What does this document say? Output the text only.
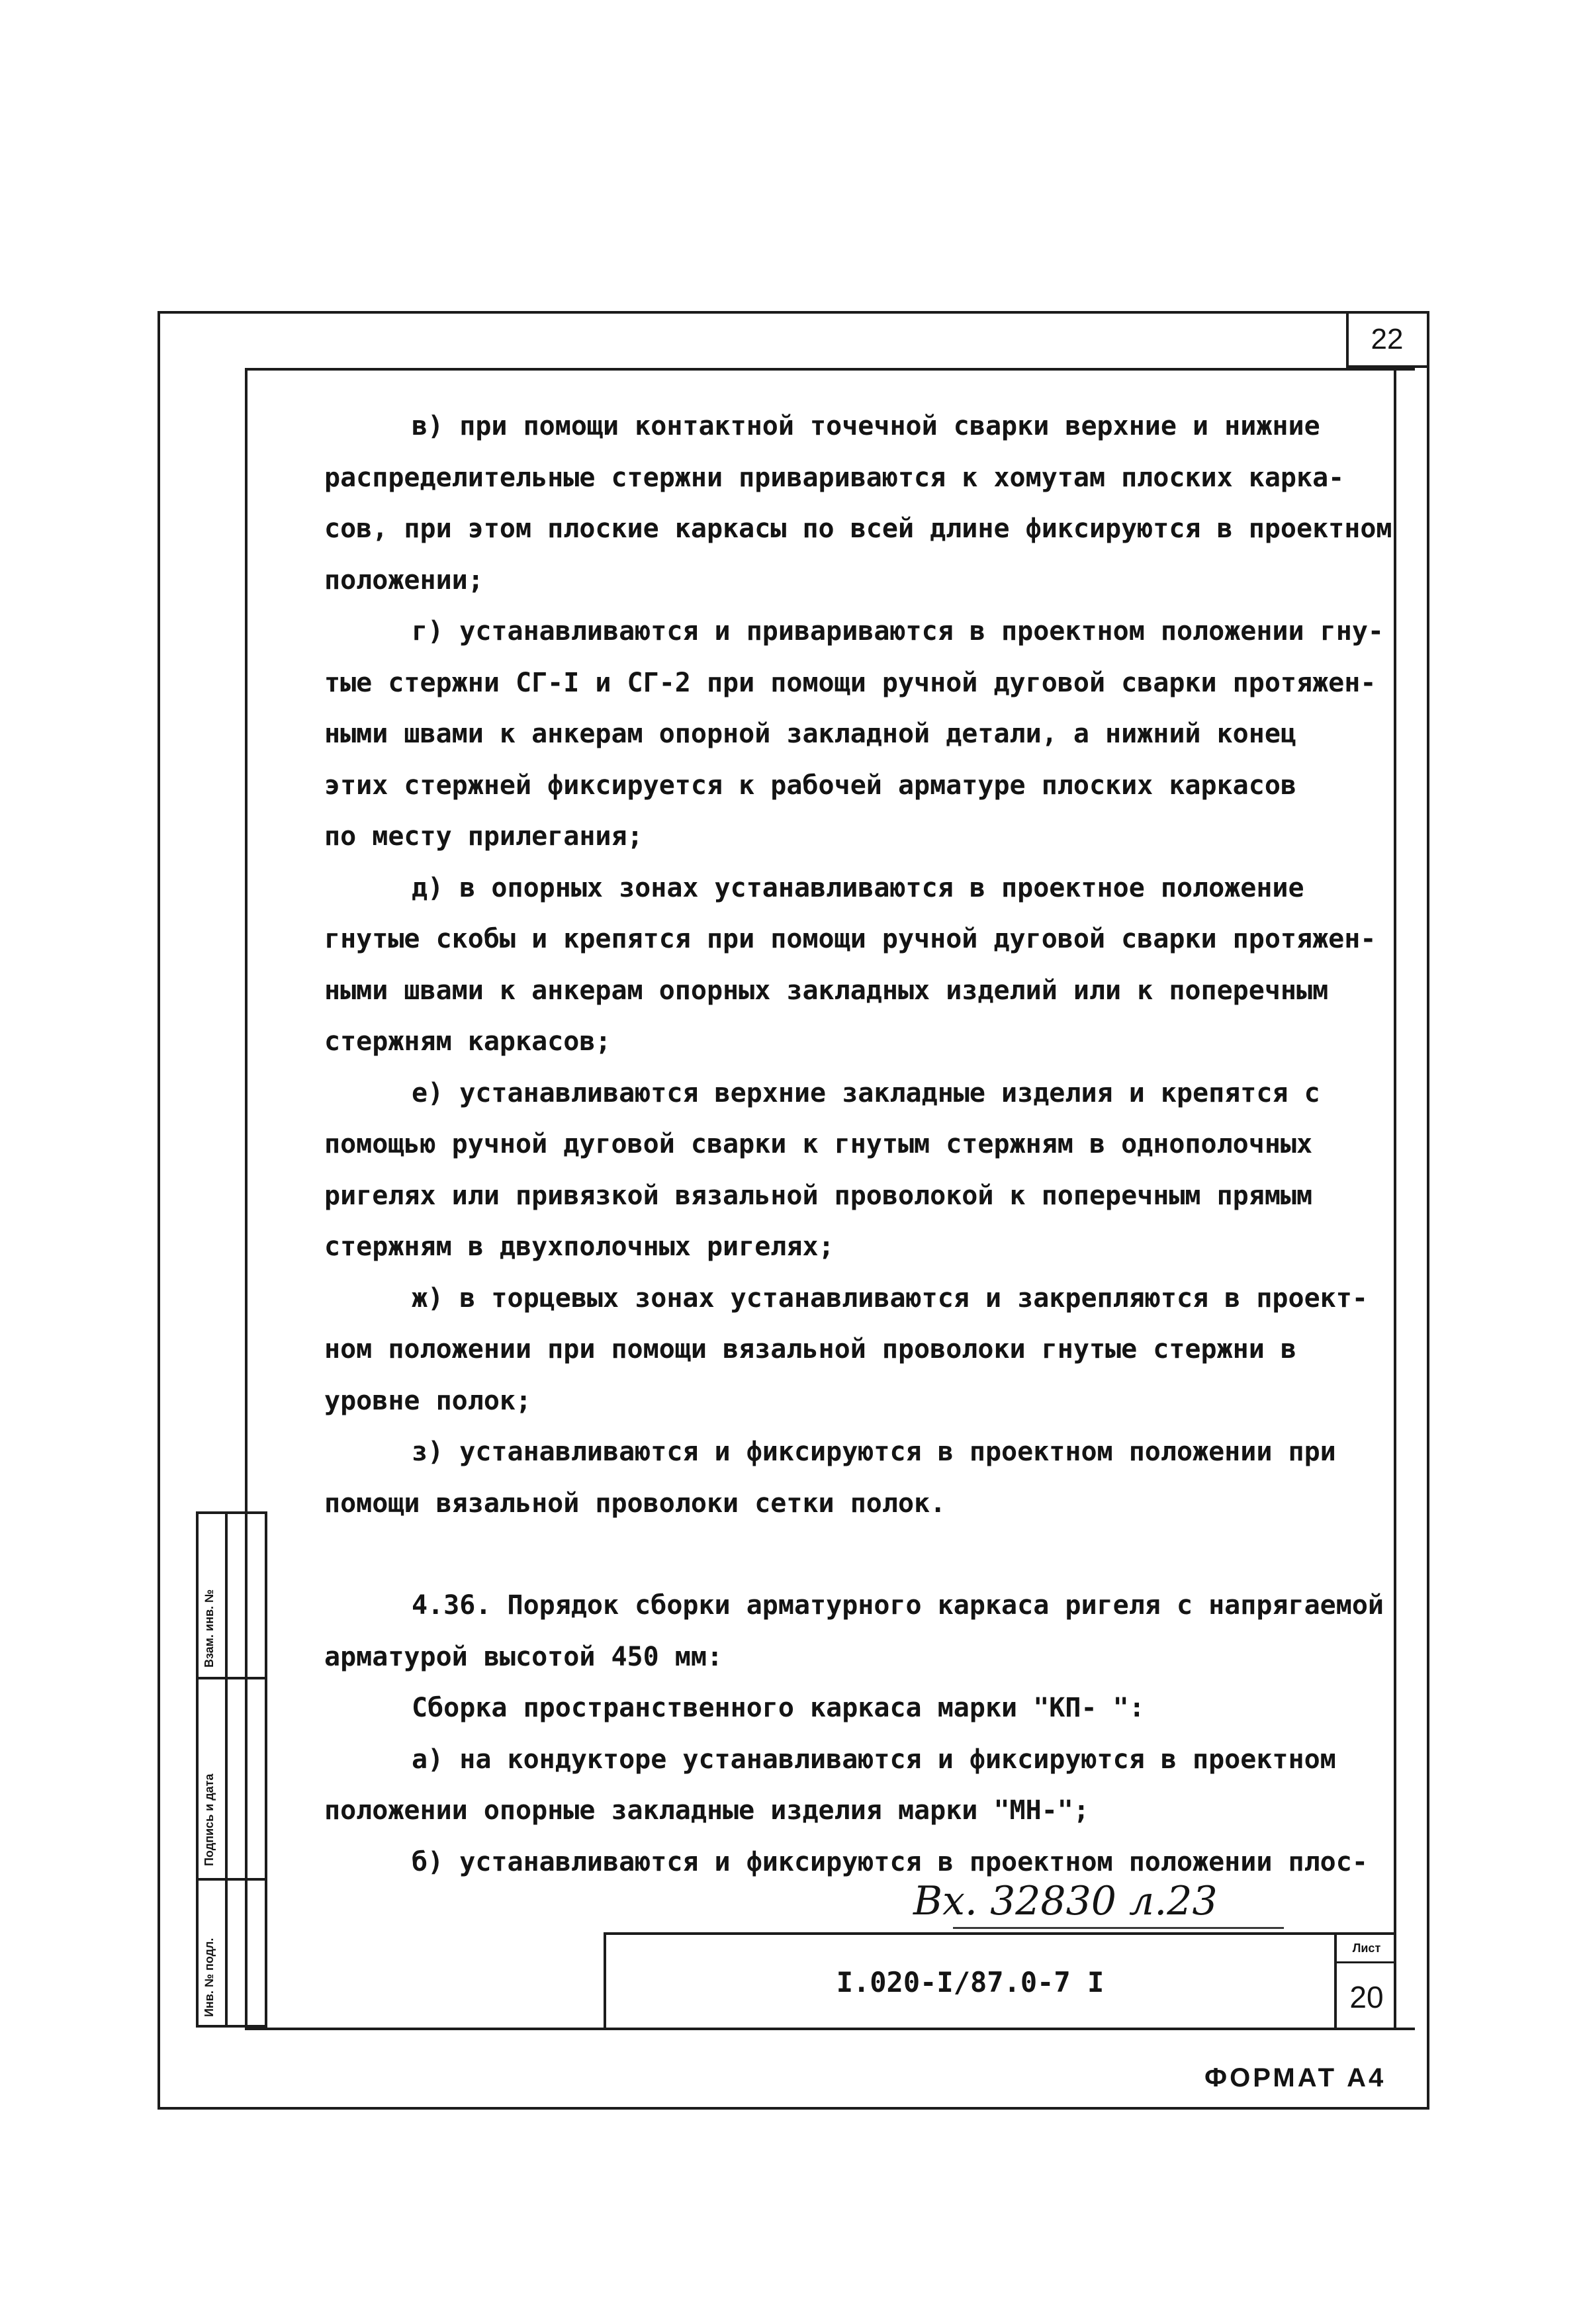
22

в) при помощи контактной точечной сварки верхние и нижние

распределительные стержни привариваются к хомутам плоских карка-

сов, при этом плоские каркасы по всей длине фиксируются в проектном

положении;

г) устанавливаются и привариваются в проектном положении гну-

тые стержни СГ-I и СГ-2 при помощи ручной дуговой сварки протяжен-

ными швами к анкерам опорной закладной детали, а нижний конец

этих стержней фиксируется к рабочей арматуре плоских каркасов

по месту прилегания;

д) в опорных зонах устанавливаются в проектное положение

гнутые скобы и крепятся при помощи ручной дуговой сварки протяжен-

ными швами к анкерам опорных закладных изделий или к поперечным

стержням каркасов;

е) устанавливаются верхние закладные изделия и крепятся с

помощью ручной дуговой сварки к гнутым стержням в однополочных

ригелях или привязкой вязальной проволокой к поперечным прямым

стержням в двухполочных ригелях;

ж) в торцевых зонах устанавливаются и закрепляются в проект-

ном положении при помощи вязальной проволоки гнутые стержни в

уровне полок;

з) устанавливаются и фиксируются в проектном положении при

помощи вязальной проволоки сетки полок.

4.36. Порядок сборки арматурного каркаса ригеля с напрягаемой

арматурой высотой 450 мм:

Сборка пространственного каркаса марки "КП- ":

а) на кондукторе устанавливаются и фиксируются в проектном

положении опорные закладные изделия марки "МН-";

б) устанавливаются и фиксируются в проектном положении плос-

Взам. инв. №
Подпись и дата
Инв. № подл.
Вх. 32830 л.23
I.020-I/87.0-7 I
Лист
20
ФОРМАТ А4
